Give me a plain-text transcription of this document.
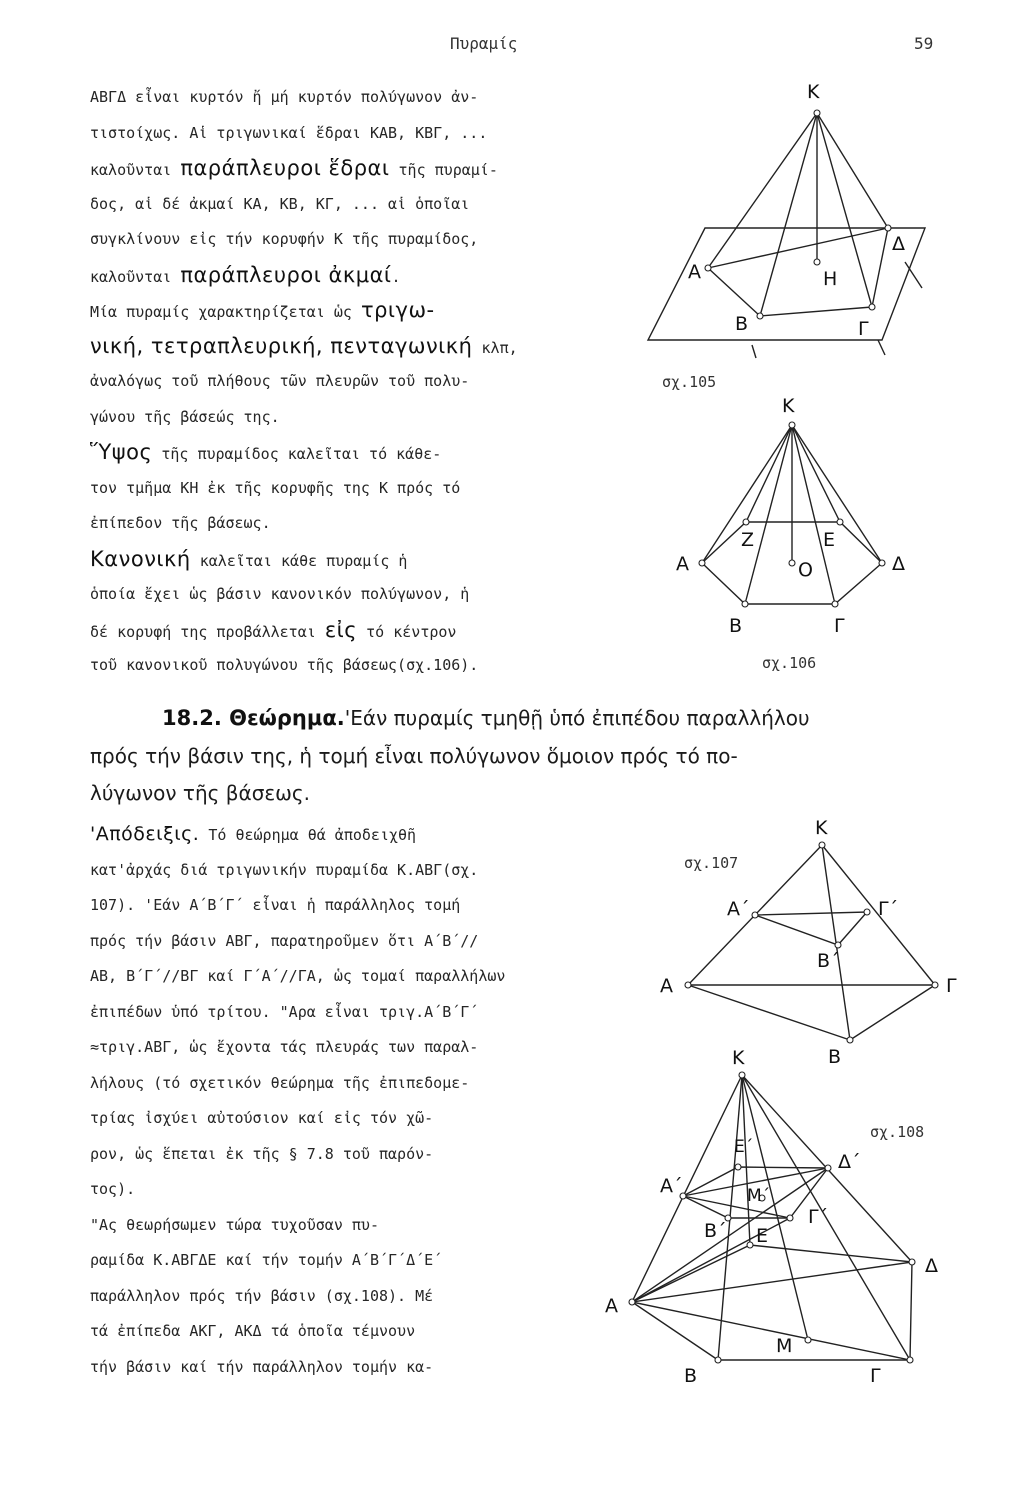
Πυραμίς	59

ΑΒΓΔ εἶναι κυρτόν ἤ μή κυρτόν πολύγωνον ἀν-

τιστοίχως. Αἱ τριγωνικαί ἕδραι ΚΑΒ, ΚΒΓ, ...

καλοῦνται παράπλευροι ἕδραι τῆς πυραμί-

δος, αἱ δέ ἀκμαί ΚΑ, ΚΒ, ΚΓ, ... αἱ ὁποῖαι

συγκλίνουν εἰς τήν κορυφήν Κ τῆς πυραμίδος,

καλοῦνται παράπλευροι ἀκμαί.

Μία πυραμίς χαρακτηρίζεται ὡς τριγω-

νική, τετραπλευρική, πενταγωνική κλπ,

ἀναλόγως τοῦ πλήθους τῶν πλευρῶν τοῦ πολυ-

γώνου τῆς βάσεώς της.

Ὕψος τῆς πυραμίδος καλεῖται τό κάθε-

τον τμῆμα ΚΗ ἐκ τῆς κορυφῆς της Κ πρός τό

ἐπίπεδον τῆς βάσεως.

Κανονική καλεῖται κάθε πυραμίς ἡ

ὁποία ἔχει ὡς βάσιν κανονικόν πολύγωνον, ἡ

δέ κορυφή της προβάλλεται εἰς τό κέντρον

τοῦ κανονικοῦ πολυγώνου τῆς βάσεως(σχ.106).

18.2. Θεώρημα.'Εάν πυραμίς τμηθῇ ὑπό ἐπιπέδου παραλλήλου

πρός τήν βάσιν της, ἡ τομή εἶναι πολύγωνον ὅμοιον πρός τό πο-

λύγωνον τῆς βάσεως.

'Απόδειξις. Τό θεώρημα θά ἀποδειχθῆ

κατ'ἀρχάς διά τριγωνικήν πυραμίδα Κ.ΑΒΓ(σχ.

107). 'Εάν Α΄Β΄Γ΄ εἶναι ἡ παράλληλος τομή

πρός τήν βάσιν ΑΒΓ, παρατηροῦμεν ὅτι Α΄Β΄//

ΑΒ, Β΄Γ΄//ΒΓ καί Γ΄Α΄//ΓΑ, ὡς τομαί παραλλήλων

ἐπιπέδων ὑπό τρίτου. "Αρα εἶναι τριγ.Α΄Β΄Γ΄

≈τριγ.ΑΒΓ, ὡς ἔχοντα τάς πλευράς των παραλ-

λήλους (τό σχετικόν θεώρημα τῆς ἐπιπεδομε-

τρίας ἰσχύει αὐτούσιον καί εἰς τόν χῶ-

ρον, ὡς ἕπεται ἐκ τῆς § 7.8 τοῦ παρόν-

τος).

"Ας θεωρήσωμεν τώρα τυχοῦσαν πυ-

ραμίδα Κ.ΑΒΓΔΕ καί τήν τομήν Α΄Β΄Γ΄Δ΄Ε΄

παράλληλον πρός τήν βάσιν (σχ.108). Μέ

τά ἐπίπεδα ΑΚΓ, ΑΚΔ τά ὁποῖα τέμνουν

τήν βάσιν καί τήν παράλληλον τομήν κα-

Κ
Α
Β	Γ
Δ
Η
σχ.105
Κ
Α
Β	Γ
Δ
Ε
Ζ
Ο
σχ.106
Κ
Α΄	Γ΄
Β΄
Α	Γ
Β
σχ.107
Κ
Ε΄
Δ΄
Α΄	Μ΄
Γ΄
Β΄ Ε
Δ
Α
Μ
Β	Γ
σχ.108
